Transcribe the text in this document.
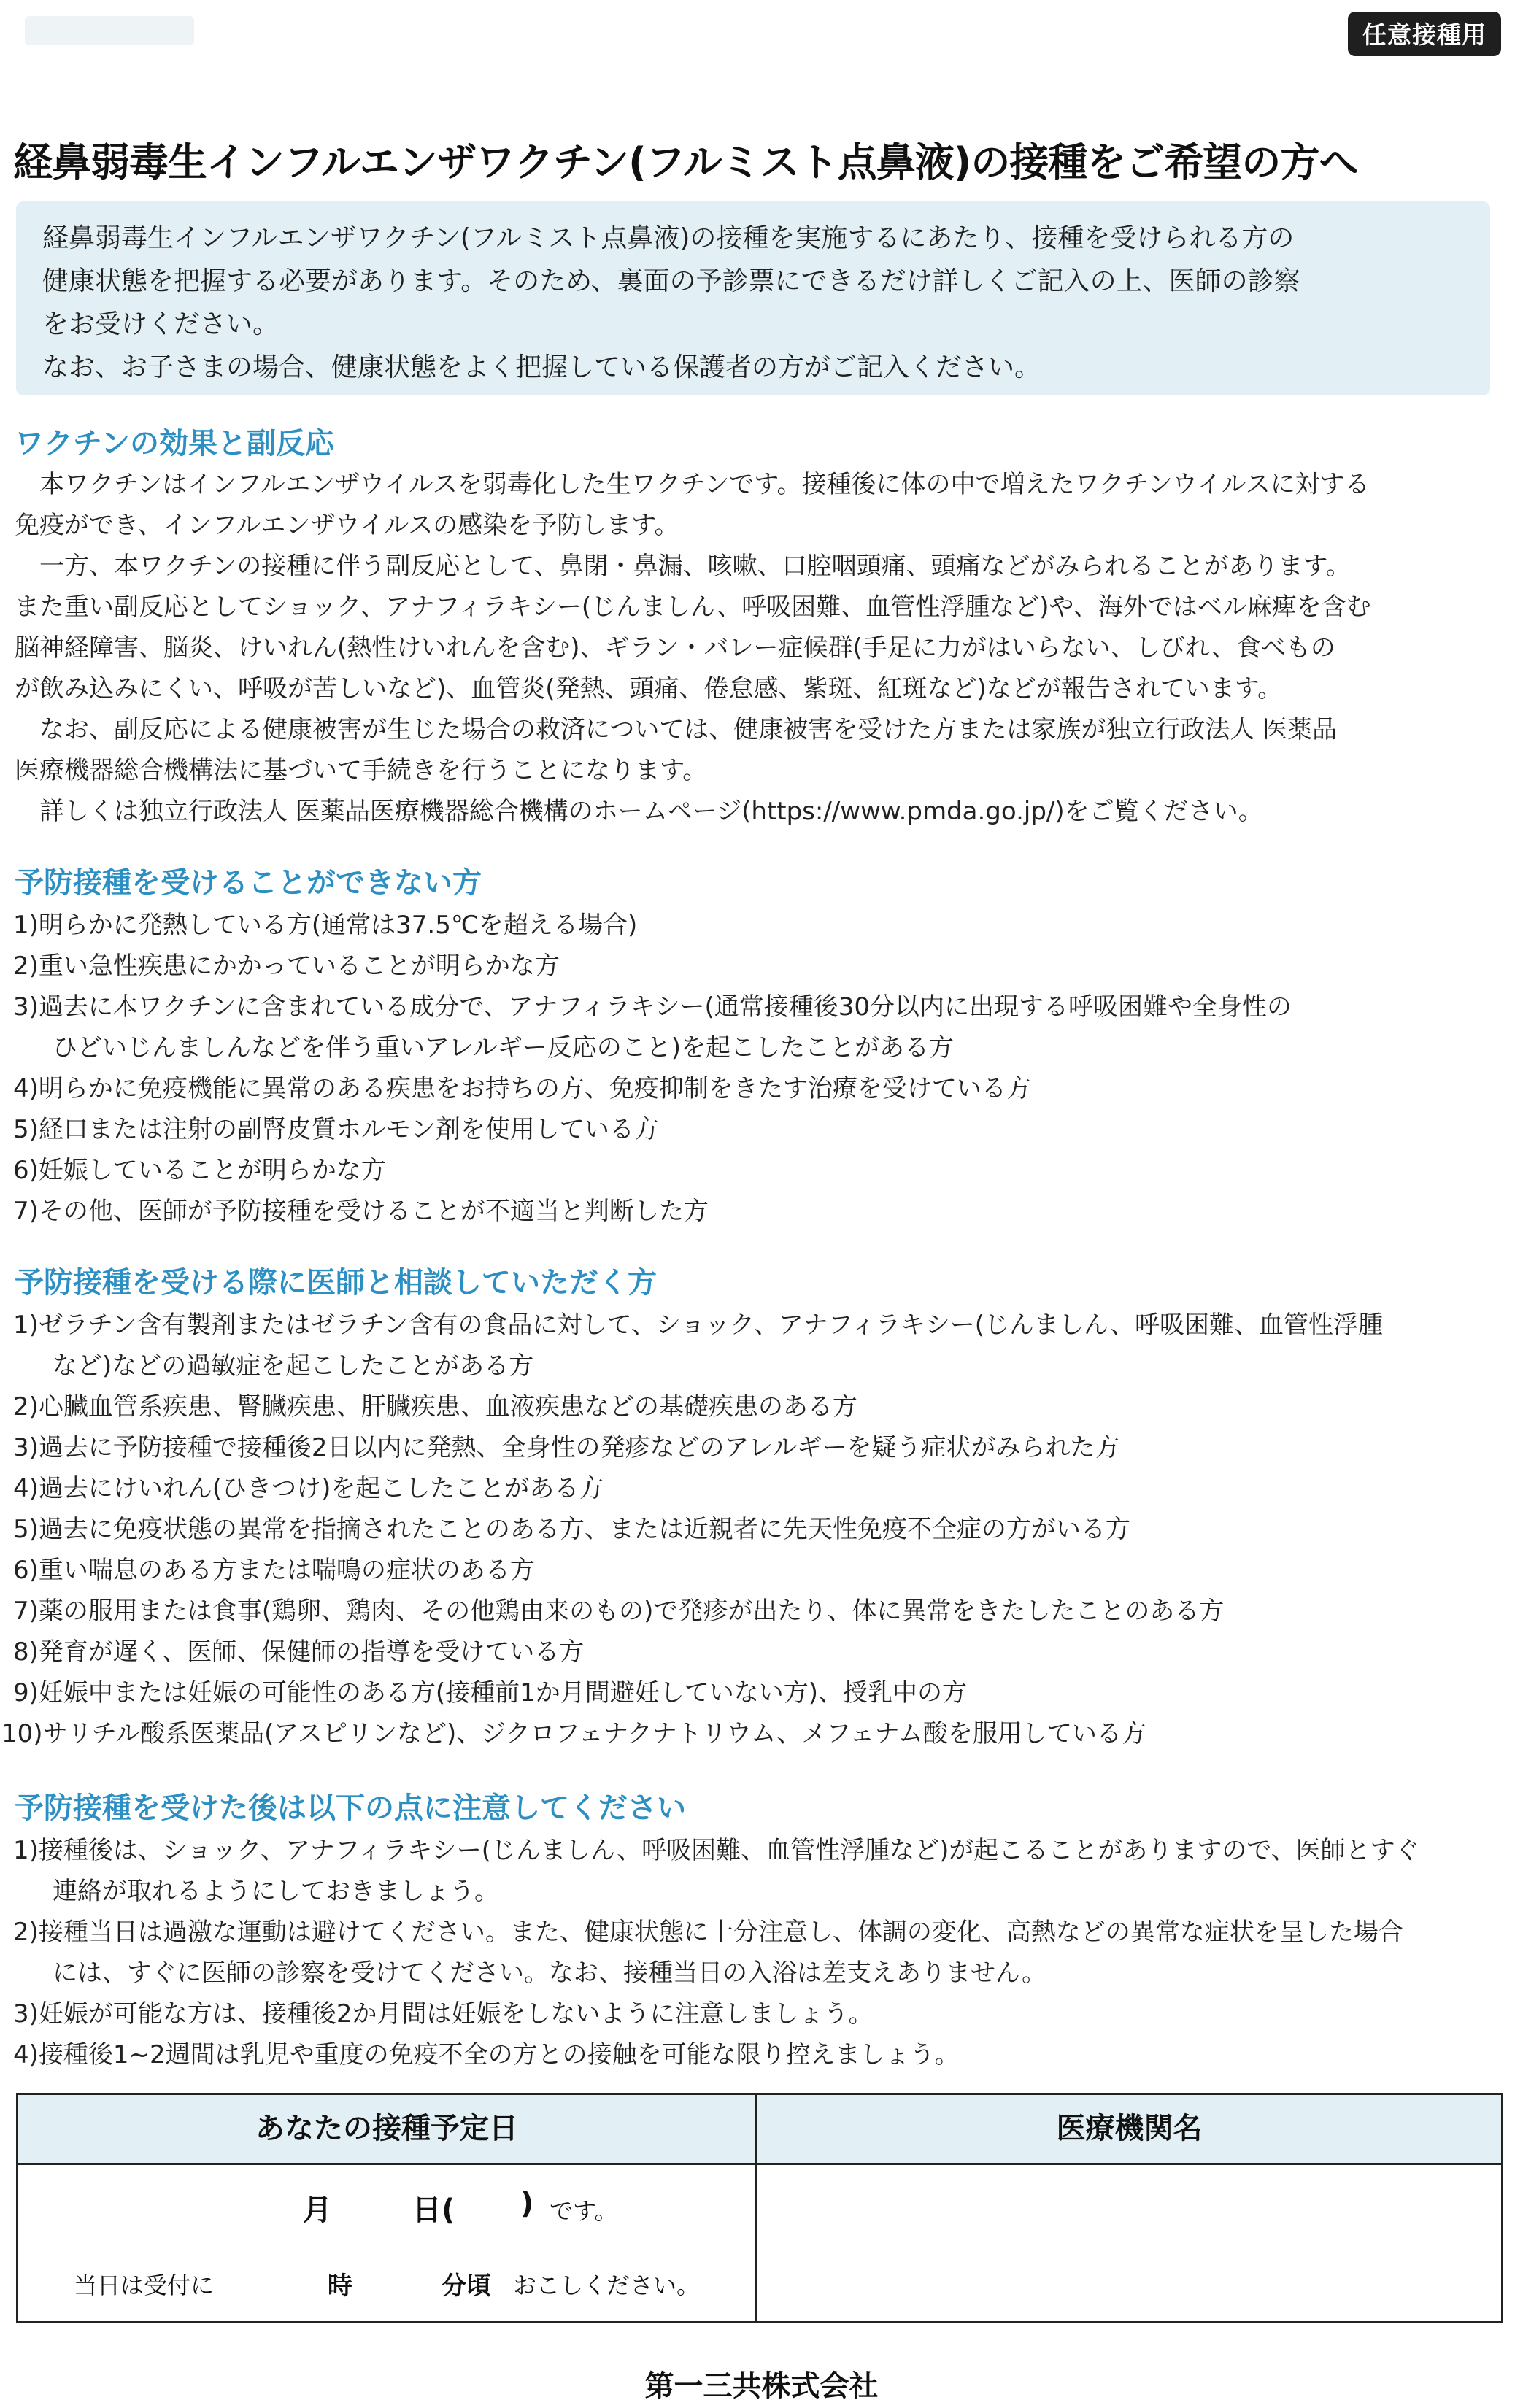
任意接種用
経鼻弱毒生インフルエンザワクチン(フルミスト点鼻液)の接種をご希望の方へ
経鼻弱毒生インフルエンザワクチン(フルミスト点鼻液)の接種を実施するにあたり、接種を受けられる方の
健康状態を把握する必要があります。そのため、裏面の予診票にできるだけ詳しくご記入の上、医師の診察
をお受けください。
なお、お子さまの場合、健康状態をよく把握している保護者の方がご記入ください。
ワクチンの効果と副反応
　本ワクチンはインフルエンザウイルスを弱毒化した生ワクチンです。接種後に体の中で増えたワクチンウイルスに対する
免疫ができ、インフルエンザウイルスの感染を予防します。
　一方、本ワクチンの接種に伴う副反応として、鼻閉・鼻漏、咳嗽、口腔咽頭痛、頭痛などがみられることがあります。
また重い副反応としてショック、アナフィラキシー(じんましん、呼吸困難、血管性浮腫など)や、海外ではベル麻痺を含む
脳神経障害、脳炎、けいれん(熱性けいれんを含む)、ギラン・バレー症候群(手足に力がはいらない、しびれ、食べもの
が飲み込みにくい、呼吸が苦しいなど)、血管炎(発熱、頭痛、倦怠感、紫斑、紅斑など)などが報告されています。
　なお、副反応による健康被害が生じた場合の救済については、健康被害を受けた方または家族が独立行政法人 医薬品
医療機器総合機構法に基づいて手続きを行うことになります。
　詳しくは独立行政法人 医薬品医療機器総合機構のホームページ(https://www.pmda.go.jp/)をご覧ください。
予防接種を受けることができない方
1)明らかに発熱している方(通常は37.5℃を超える場合)
2)重い急性疾患にかかっていることが明らかな方
3)過去に本ワクチンに含まれている成分で、アナフィラキシー(通常接種後30分以内に出現する呼吸困難や全身性の
ひどいじんましんなどを伴う重いアレルギー反応のこと)を起こしたことがある方
4)明らかに免疫機能に異常のある疾患をお持ちの方、免疫抑制をきたす治療を受けている方
5)経口または注射の副腎皮質ホルモン剤を使用している方
6)妊娠していることが明らかな方
7)その他、医師が予防接種を受けることが不適当と判断した方
予防接種を受ける際に医師と相談していただく方
1)ゼラチン含有製剤またはゼラチン含有の食品に対して、ショック、アナフィラキシー(じんましん、呼吸困難、血管性浮腫
など)などの過敏症を起こしたことがある方
2)心臓血管系疾患、腎臓疾患、肝臓疾患、血液疾患などの基礎疾患のある方
3)過去に予防接種で接種後2日以内に発熱、全身性の発疹などのアレルギーを疑う症状がみられた方
4)過去にけいれん(ひきつけ)を起こしたことがある方
5)過去に免疫状態の異常を指摘されたことのある方、または近親者に先天性免疫不全症の方がいる方
6)重い喘息のある方または喘鳴の症状のある方
7)薬の服用または食事(鶏卵、鶏肉、その他鶏由来のもの)で発疹が出たり、体に異常をきたしたことのある方
8)発育が遅く、医師、保健師の指導を受けている方
9)妊娠中または妊娠の可能性のある方(接種前1か月間避妊していない方)、授乳中の方
10)サリチル酸系医薬品(アスピリンなど)、ジクロフェナクナトリウム、メフェナム酸を服用している方
予防接種を受けた後は以下の点に注意してください
1)接種後は、ショック、アナフィラキシー(じんましん、呼吸困難、血管性浮腫など)が起こることがありますので、医師とすぐ
連絡が取れるようにしておきましょう。
2)接種当日は過激な運動は避けてください。また、健康状態に十分注意し、体調の変化、高熱などの異常な症状を呈した場合
には、すぐに医師の診察を受けてください。なお、接種当日の入浴は差支えありません。
3)妊娠が可能な方は、接種後2か月間は妊娠をしないように注意しましょう。
4)接種後1~2週間は乳児や重度の免疫不全の方との接触を可能な限り控えましょう。
あなたの接種予定日	医療機関名
月	日( ) です。
当日は受付に	時	分頃 おこしください。
第一三共株式会社
